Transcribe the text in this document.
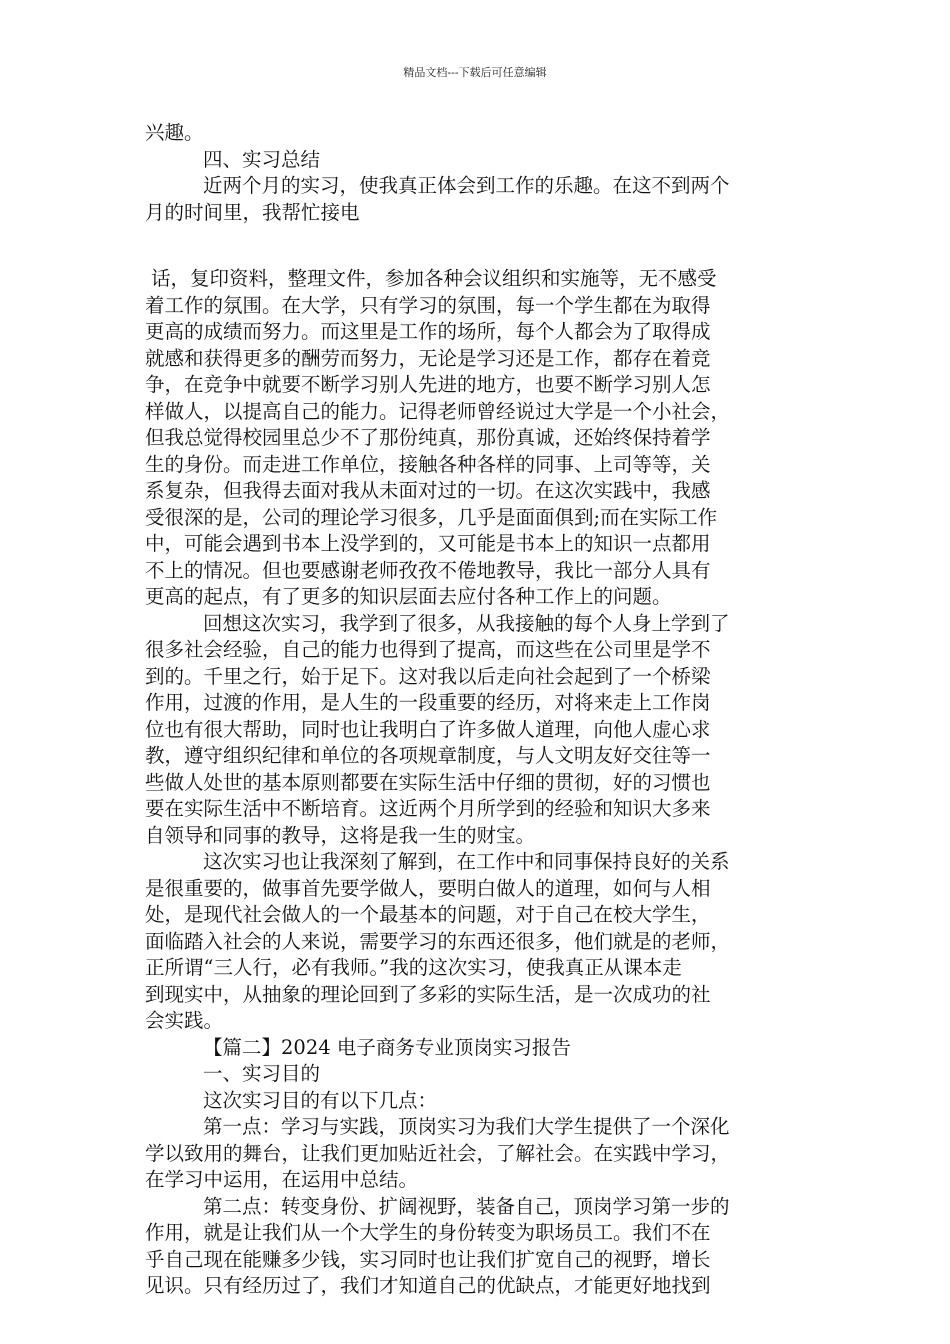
精品文档---下载后可任意编辑
兴趣。
四、实习总结
近两个月的实习，使我真正体会到工作的乐趣。在这不到两个
月的时间里，我帮忙接电
话，复印资料，整理文件，参加各种会议组织和实施等，无不感受
着工作的氛围。在大学，只有学习的氛围，每一个学生都在为取得
更高的成绩而努力。而这里是工作的场所，每个人都会为了取得成
就感和获得更多的酬劳而努力，无论是学习还是工作，都存在着竞
争，在竞争中就要不断学习别人先进的地方，也要不断学习别人怎
样做人，以提高自己的能力。记得老师曾经说过大学是一个小社会，
但我总觉得校园里总少不了那份纯真，那份真诚，还始终保持着学
生的身份。而走进工作单位，接触各种各样的同事、上司等等，关
系复杂，但我得去面对我从未面对过的一切。在这次实践中，我感
受很深的是，公司的理论学习很多，几乎是面面俱到;而在实际工作
中，可能会遇到书本上没学到的，又可能是书本上的知识一点都用
不上的情况。但也要感谢老师孜孜不倦地教导，我比一部分人具有
更高的起点，有了更多的知识层面去应付各种工作上的问题。
回想这次实习，我学到了很多，从我接触的每个人身上学到了
很多社会经验，自己的能力也得到了提高，而这些在公司里是学不
到的。千里之行，始于足下。这对我以后走向社会起到了一个桥梁
作用，过渡的作用，是人生的一段重要的经历，对将来走上工作岗
位也有很大帮助，同时也让我明白了许多做人道理，向他人虚心求
教，遵守组织纪律和单位的各项规章制度，与人文明友好交往等一
些做人处世的基本原则都要在实际生活中仔细的贯彻，好的习惯也
要在实际生活中不断培育。这近两个月所学到的经验和知识大多来
自领导和同事的教导，这将是我一生的财宝。
这次实习也让我深刻了解到，在工作中和同事保持良好的关系
是很重要的，做事首先要学做人，要明白做人的道理，如何与人相
处，是现代社会做人的一个最基本的问题，对于自己在校大学生，
面临踏入社会的人来说，需要学习的东西还很多，他们就是的老师，
正所谓“三人行，必有我师。”我的这次实习，使我真正从课本走
到现实中，从抽象的理论回到了多彩的实际生活，是一次成功的社
会实践。
【篇二】2024 电子商务专业顶岗实习报告
一、实习目的
这次实习目的有以下几点：
第一点：学习与实践，顶岗实习为我们大学生提供了一个深化
学以致用的舞台，让我们更加贴近社会，了解社会。在实践中学习，
在学习中运用，在运用中总结。
第二点：转变身份、扩阔视野，装备自己，顶岗学习第一步的
作用，就是让我们从一个大学生的身份转变为职场员工。我们不在
乎自己现在能赚多少钱，实习同时也让我们扩宽自己的视野，增长
见识。只有经历过了，我们才知道自己的优缺点，才能更好地找到
